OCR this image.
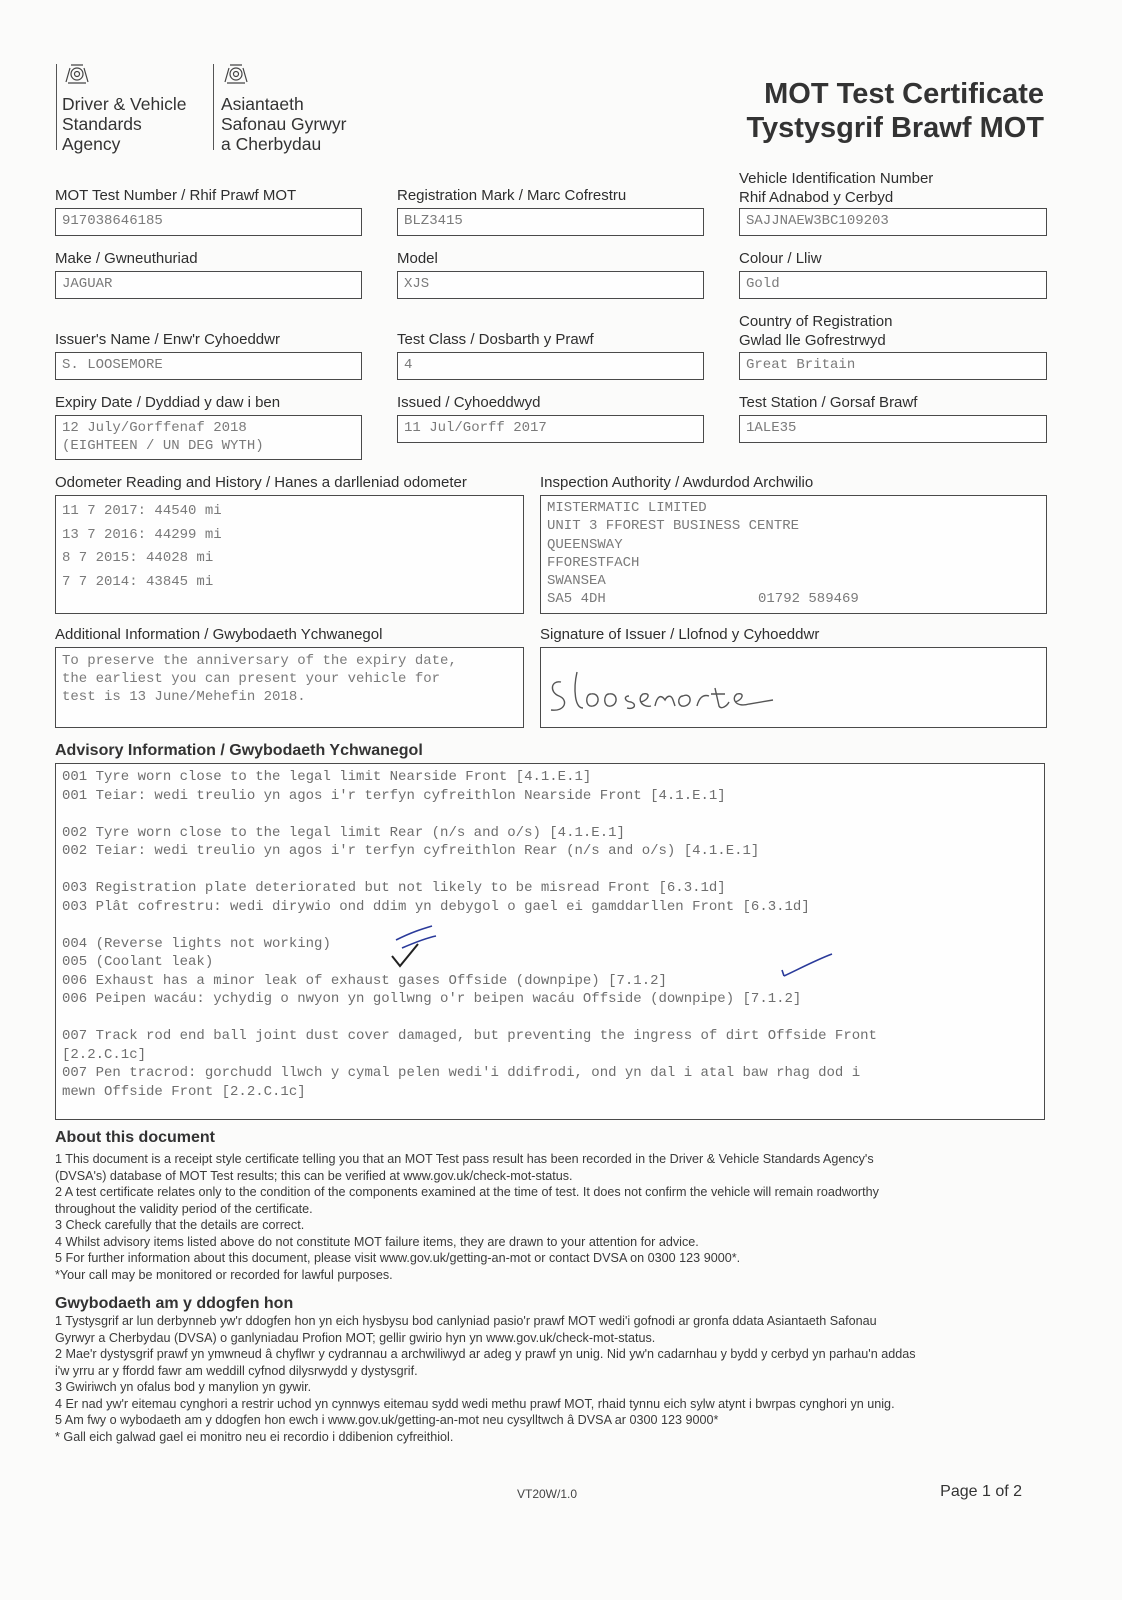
Driver & Vehicle
Standards
Agency
Asiantaeth
Safonau Gyrwyr
a Cherbydau
MOT Test Certificate
Tystysgrif Brawf MOT
MOT Test Number / Rhif Prawf MOT
917038646185
Registration Mark / Marc Cofrestru
BLZ3415
Vehicle Identification Number
Rhif Adnabod y Cerbyd
SAJJNAEW3BC109203
Make / Gwneuthuriad
JAGUAR
Model
XJS
Colour / Lliw
Gold
Issuer's Name / Enw'r Cyhoeddwr
S. LOOSEMORE
Test Class / Dosbarth y Prawf
4
Country of Registration
Gwlad lle Gofrestrwyd
Great Britain
Expiry Date / Dyddiad y daw i ben
12 July/Gorffenaf 2018
(EIGHTEEN / UN DEG WYTH)
Issued / Cyhoeddwyd
11 Jul/Gorff 2017
Test Station / Gorsaf Brawf
1ALE35
Odometer Reading and History / Hanes a darlleniad odometer
11 7 2017: 44540 mi
13 7 2016: 44299 mi
8 7 2015: 44028 mi
7 7 2014: 43845 mi
Inspection Authority / Awdurdod Archwilio
MISTERMATIC LIMITED
UNIT 3 FFOREST BUSINESS CENTRE
QUEENSWAY
FFORESTFACH
SWANSEA
SA5 4DH	01792 589469
Additional Information / Gwybodaeth Ychwanegol
To preserve the anniversary of the expiry date,
the earliest you can present your vehicle for
test is 13 June/Mehefin 2018.
Signature of Issuer / Llofnod y Cyhoeddwr
Advisory Information / Gwybodaeth Ychwanegol
001 Tyre worn close to the legal limit Nearside Front [4.1.E.1]
001 Teiar: wedi treulio yn agos i'r terfyn cyfreithlon Nearside Front [4.1.E.1]

002 Tyre worn close to the legal limit Rear (n/s and o/s) [4.1.E.1]
002 Teiar: wedi treulio yn agos i'r terfyn cyfreithlon Rear (n/s and o/s) [4.1.E.1]

003 Registration plate deteriorated but not likely to be misread Front [6.3.1d]
003 Plât cofrestru: wedi dirywio ond ddim yn debygol o gael ei gamddarllen Front [6.3.1d]

004 (Reverse lights not working)
005 (Coolant leak)
006 Exhaust has a minor leak of exhaust gases Offside (downpipe) [7.1.2]
006 Peipen wacáu: ychydig o nwyon yn gollwng o'r beipen wacáu Offside (downpipe) [7.1.2]

007 Track rod end ball joint dust cover damaged, but preventing the ingress of dirt Offside Front
[2.2.C.1c]
007 Pen tracrod: gorchudd llwch y cymal pelen wedi'i ddifrodi, ond yn dal i atal baw rhag dod i
mewn Offside Front [2.2.C.1c]
About this document
1 This document is a receipt style certificate telling you that an MOT Test pass result has been recorded in the Driver & Vehicle Standards Agency's
(DVSA's) database of MOT Test results; this can be verified at www.gov.uk/check-mot-status.
2 A test certificate relates only to the condition of the components examined at the time of test. It does not confirm the vehicle will remain roadworthy
throughout the validity period of the certificate.
3 Check carefully that the details are correct.
4 Whilst advisory items listed above do not constitute MOT failure items, they are drawn to your attention for advice.
5 For further information about this document, please visit www.gov.uk/getting-an-mot or contact DVSA on 0300 123 9000*.
*Your call may be monitored or recorded for lawful purposes.
Gwybodaeth am y ddogfen hon
1 Tystysgrif ar lun derbynneb yw'r ddogfen hon yn eich hysbysu bod canlyniad pasio'r prawf MOT wedi'i gofnodi ar gronfa ddata Asiantaeth Safonau
Gyrwyr a Cherbydau (DVSA) o ganlyniadau Profion MOT; gellir gwirio hyn yn www.gov.uk/check-mot-status.
2 Mae'r dystysgrif prawf yn ymwneud â chyflwr y cydrannau a archwiliwyd ar adeg y prawf yn unig. Nid yw'n cadarnhau y bydd y cerbyd yn parhau'n addas
i'w yrru ar y ffordd fawr am weddill cyfnod dilysrwydd y dystysgrif.
3 Gwiriwch yn ofalus bod y manylion yn gywir.
4 Er nad yw'r eitemau cynghori a restrir uchod yn cynnwys eitemau sydd wedi methu prawf MOT, rhaid tynnu eich sylw atynt i bwrpas cynghori yn unig.
5 Am fwy o wybodaeth am y ddogfen hon ewch i www.gov.uk/getting-an-mot neu cysylltwch â DVSA ar 0300 123 9000*
* Gall eich galwad gael ei monitro neu ei recordio i ddibenion cyfreithiol.
VT20W/1.0	Page 1 of 2
